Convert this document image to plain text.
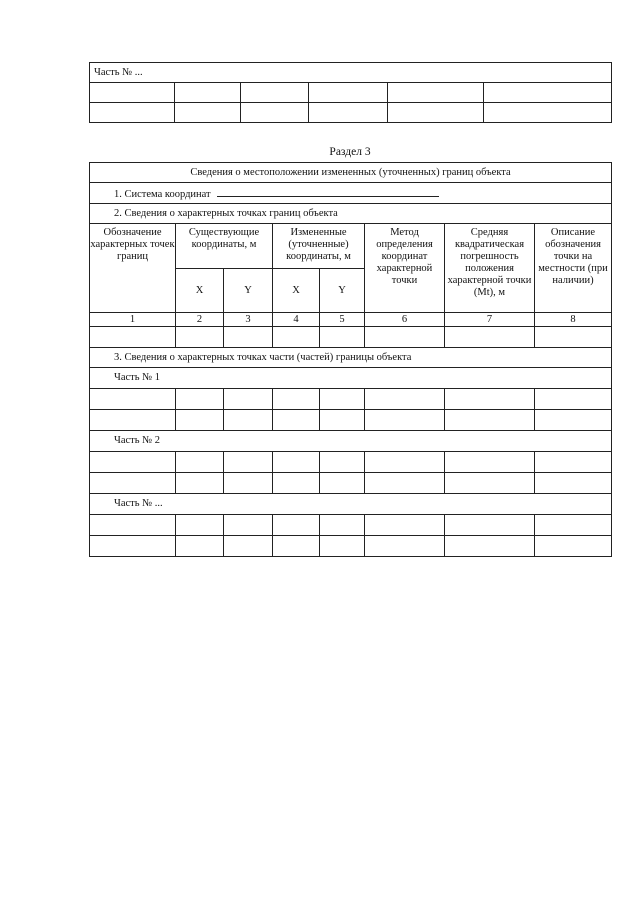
Часть № ...					

Раздел 3
Сведения о местоположении измененных (уточненных) границ объекта							
1. Система координат							
2. Сведения о характерных точках границ объекта							
Обозначение характерных точек границ	Существующие координаты, м		Измененные (уточненные) координаты, м		Метод определения координат характерной точки	Средняя квадратическая погрешность положения характерной точки (Mt), м	Описание обозначения точки на местности (при наличии)
	X	Y	X	Y			
1	2	3	4	5	6	7	8

3. Сведения о характерных точках части (частей) границы объекта							
Часть № 1							

Часть № 2							

Часть № ...							
